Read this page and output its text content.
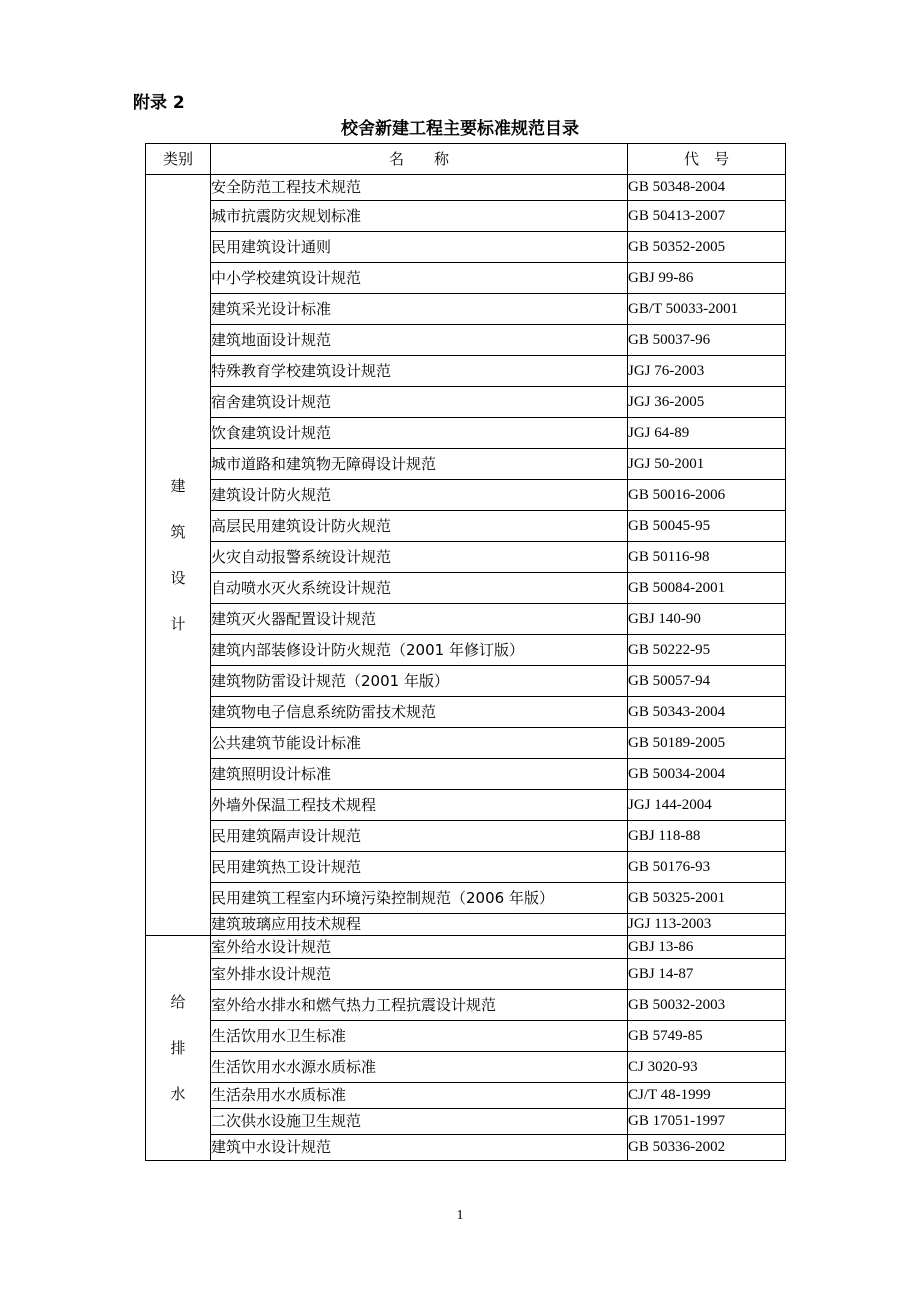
附录 2
校舍新建工程主要标准规范目录
类别	名　　称	代　号

建
筑
设
计	安全防范工程技术规范	GB 50348-2004
	城市抗震防灾规划标准	GB 50413-2007
	民用建筑设计通则	GB 50352-2005
	中小学校建筑设计规范	GBJ 99-86
	建筑采光设计标准	GB/T 50033-2001
	建筑地面设计规范	GB 50037-96
	特殊教育学校建筑设计规范	JGJ 76-2003
	宿舍建筑设计规范	JGJ 36-2005
	饮食建筑设计规范	JGJ 64-89
	城市道路和建筑物无障碍设计规范	JGJ 50-2001
	建筑设计防火规范	GB 50016-2006
	高层民用建筑设计防火规范	GB 50045-95
	火灾自动报警系统设计规范	GB 50116-98
	自动喷水灭火系统设计规范	GB 50084-2001
	建筑灭火器配置设计规范	GBJ 140-90
	建筑内部装修设计防火规范（2001 年修订版）	GB 50222-95
	建筑物防雷设计规范（2001 年版）	GB 50057-94
	建筑物电子信息系统防雷技术规范	GB 50343-2004
	公共建筑节能设计标准	GB 50189-2005
	建筑照明设计标准	GB 50034-2004
	外墙外保温工程技术规程	JGJ 144-2004
	民用建筑隔声设计规范	GBJ 118-88
	民用建筑热工设计规范	GB 50176-93
	民用建筑工程室内环境污染控制规范（2006 年版）	GB 50325-2001
	建筑玻璃应用技术规程	JGJ 113-2003

给
排
水	室外给水设计规范	GBJ 13-86
	室外排水设计规范	GBJ 14-87
	室外给水排水和燃气热力工程抗震设计规范	GB 50032-2003
	生活饮用水卫生标准	GB 5749-85
	生活饮用水水源水质标准	CJ 3020-93
	生活杂用水水质标准	CJ/T 48-1999
	二次供水设施卫生规范	GB 17051-1997
	建筑中水设计规范	GB 50336-2002
1
